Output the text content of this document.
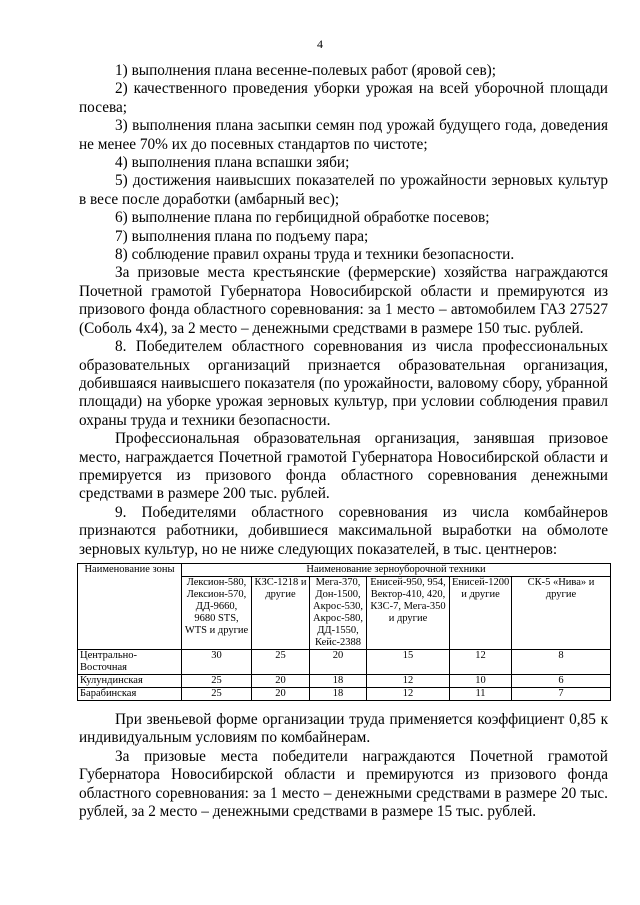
4

1) выполнения плана весенне-полевых работ (яровой сев);

2) качественного проведения уборки урожая на всей уборочной площади посева;

3) выполнения плана засыпки семян под урожай будущего года, доведения не менее 70% их до посевных стандартов по чистоте;

4) выполнения плана вспашки зяби;

5) достижения наивысших показателей по урожайности зерновых культур в весе после доработки (амбарный вес);

6) выполнение плана по гербицидной обработке посевов;

7) выполнения плана по подъему пара;

8) соблюдение правил охраны труда и техники безопасности.

За призовые места крестьянские (фермерские) хозяйства награждаются Почетной грамотой Губернатора Новосибирской области и премируются из призового фонда областного соревнования: за 1 место – автомобилем ГАЗ 27527 (Соболь 4х4), за 2 место – денежными средствами в размере 150 тыс. рублей.

8. Победителем областного соревнования из числа профессиональных образовательных организаций признается образовательная организация, добившаяся наивысшего показателя (по урожайности, валовому сбору, убранной площади) на уборке урожая зерновых культур, при условии соблюдения правил охраны труда и техники безопасности.

Профессиональная образовательная организация, занявшая призовое место, награждается Почетной грамотой Губернатора Новосибирской области и премируется из призового фонда областного соревнования денежными средствами в размере 200 тыс. рублей.

9. Победителями областного соревнования из числа комбайнеров признаются работники, добившиеся максимальной выработки на обмолоте зерновых культур, но не ниже следующих показателей, в тыс. центнеров:

Наименование зоны	Наименование зерноуборочной техники					
	Лексион-580, Лексион-570, ДД-9660, 9680 STS, WTS и другие	КЗС-1218 и другие	Мега-370, Дон-1500, Акрос-530, Акрос-580, ДД-1550, Кейс-2388	Енисей-950, 954, Вектор-410, 420, КЗС-7, Мега-350 и другие	Енисей-1200 и другие	СК-5 «Нива» и другие
Центрально-Восточная	30	25	20	15	12	8
Кулундинская	25	20	18	12	10	6
Барабинская	25	20	18	12	11	7

При звеньевой форме организации труда применяется коэффициент 0,85 к индивидуальным условиям по комбайнерам.

За призовые места победители награждаются Почетной грамотой Губернатора Новосибирской области и премируются из призового фонда областного соревнования: за 1 место – денежными средствами в размере 20 тыс. рублей, за 2 место – денежными средствами в размере 15 тыс. рублей.
